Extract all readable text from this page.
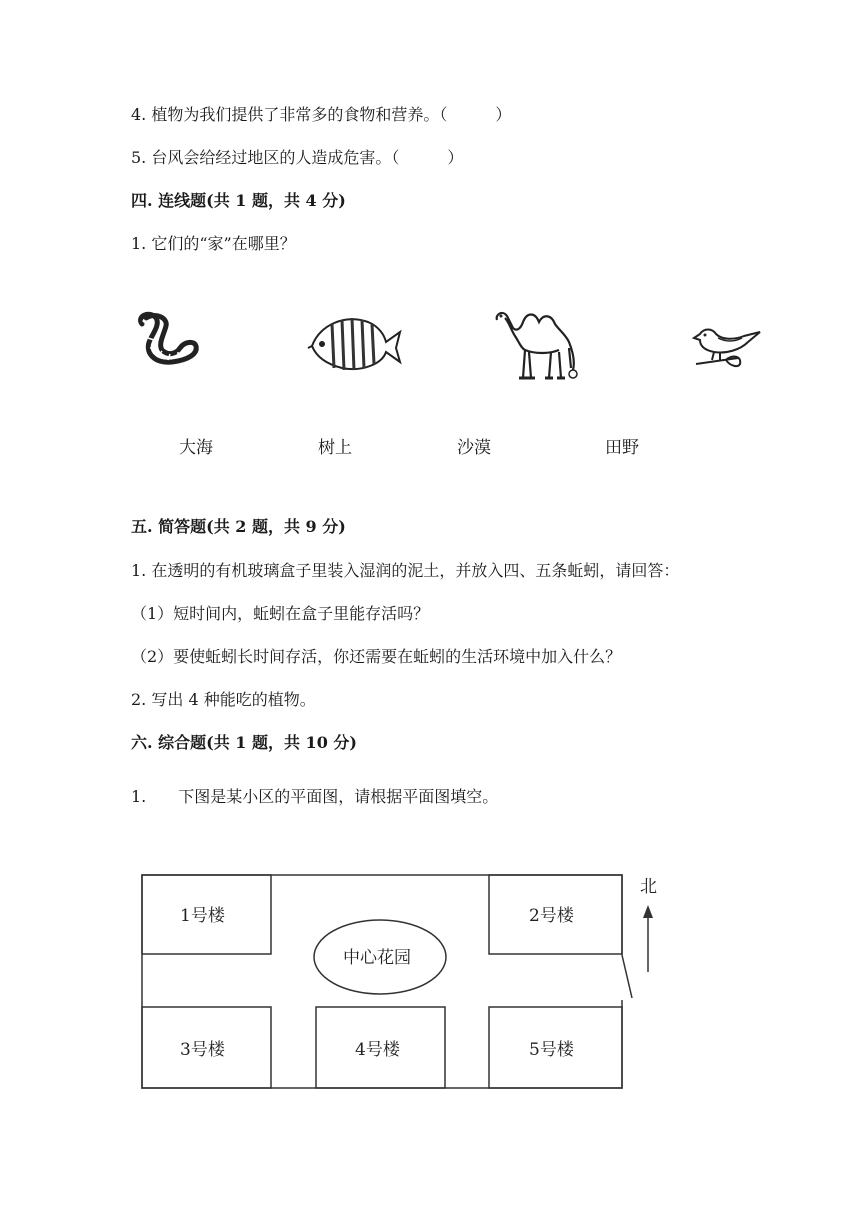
4. 植物为我们提供了非常多的食物和营养。（　　　）
5. 台风会给经过地区的人造成危害。（　　　）
四. 连线题(共 1 题，共 4 分)
1. 它们的“家”在哪里？
大海	树上	沙漠	田野
五. 简答题(共 2 题，共 9 分)
1. 在透明的有机玻璃盒子里装入湿润的泥土，并放入四、五条蚯蚓，请回答：
（1）短时间内，蚯蚓在盒子里能存活吗？
（2）要使蚯蚓长时间存活，你还需要在蚯蚓的生活环境中加入什么？
2. 写出 4 种能吃的植物。
六. 综合题(共 1 题，共 10 分)
1. 下图是某小区的平面图，请根据平面图填空。
北
1号楼	2号楼
3号楼	4号楼	5号楼
中心花园
